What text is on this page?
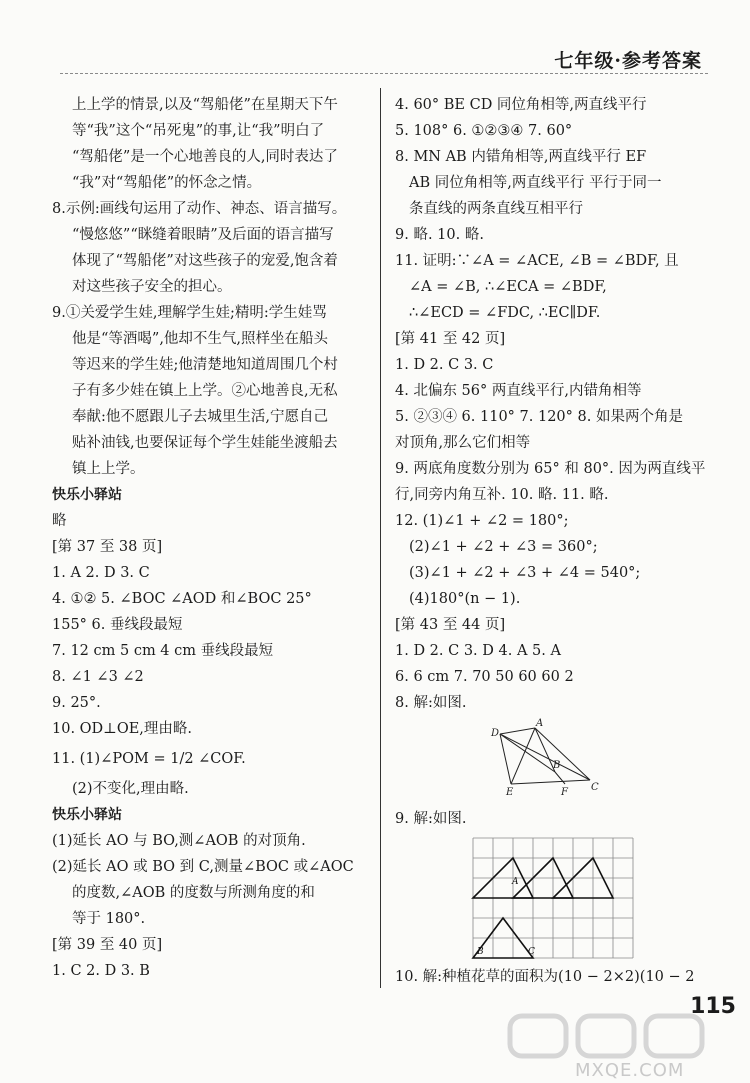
七年级·参考答案
上上学的情景,以及“驾船佬”在星期天下午
等“我”这个“吊死鬼”的事,让“我”明白了
“驾船佬”是一个心地善良的人,同时表达了
“我”对“驾船佬”的怀念之情。
8.示例:画线句运用了动作、神态、语言描写。
“慢悠悠”“眯缝着眼睛”及后面的语言描写
体现了“驾船佬”对这些孩子的宠爱,饱含着
对这些孩子安全的担心。
9.①关爱学生娃,理解学生娃;精明:学生娃骂
他是“等酒喝”,他却不生气,照样坐在船头
等迟来的学生娃;他清楚地知道周围几个村
子有多少娃在镇上上学。②心地善良,无私
奉献:他不愿跟儿子去城里生活,宁愿自己
贴补油钱,也要保证每个学生娃能坐渡船去
镇上上学。
快乐小驿站
略
[第 37 至 38 页]
1. A 2. D 3. C
4. ①② 5. ∠BOC ∠AOD 和∠BOC 25°
155° 6. 垂线段最短
7. 12 cm 5 cm 4 cm 垂线段最短
8. ∠1 ∠3 ∠2
9. 25°.
10. OD⊥OE,理由略.
11. (1)∠POM = 1/2 ∠COF.
(2)不变化,理由略.
快乐小驿站
(1)延长 AO 与 BO,测∠AOB 的对顶角.
(2)延长 AO 或 BO 到 C,测量∠BOC 或∠AOC
的度数,∠AOB 的度数与所测角度的和
等于 180°.
[第 39 至 40 页]
1. C 2. D 3. B
4. 60° BE CD 同位角相等,两直线平行
5. 108° 6. ①②③④ 7. 60°
8. MN AB 内错角相等,两直线平行 EF
AB 同位角相等,两直线平行 平行于同一
条直线的两条直线互相平行
9. 略. 10. 略.
11. 证明:∵∠A = ∠ACE, ∠B = ∠BDF, 且
∠A = ∠B, ∴∠ECA = ∠BDF,
∴∠ECD = ∠FDC, ∴EC∥DF.
[第 41 至 42 页]
1. D 2. C 3. C
4. 北偏东 56° 两直线平行,内错角相等
5. ②③④ 6. 110° 7. 120° 8. 如果两个角是
对顶角,那么它们相等
9. 两底角度数分别为 65° 和 80°. 因为两直线平
行,同旁内角互补. 10. 略. 11. 略.
12. (1)∠1 + ∠2 = 180°;
(2)∠1 + ∠2 + ∠3 = 360°;
(3)∠1 + ∠2 + ∠3 + ∠4 = 540°;
(4)180°(n − 1).
[第 43 至 44 页]
1. D 2. C 3. D 4. A 5. A
6. 6 cm 7. 70 50 60 60 2
8. 解:如图.
D
A
B
E	F C
9. 解:如图.
A
B	C
10. 解:种植花草的面积为(10 − 2×2)(10 − 2
115
MXQE.COM
